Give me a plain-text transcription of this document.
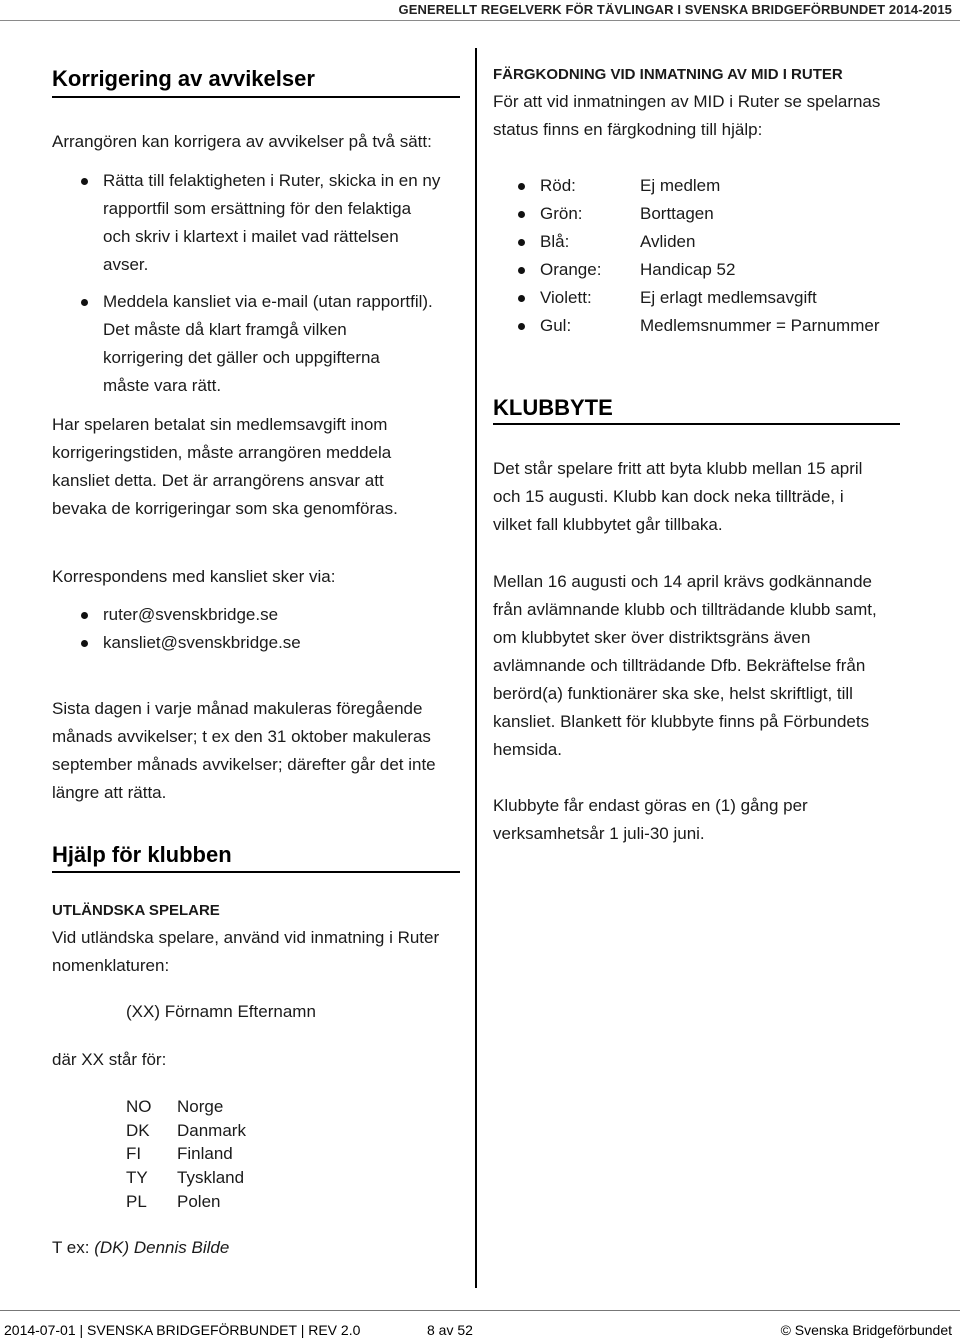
GENERELLT REGELVERK FÖR TÄVLINGAR I SVENSKA BRIDGEFÖRBUNDET 2014-2015
Korrigering av avvikelser
Arrangören kan korrigera av avvikelser på två sätt:
Rätta till felaktigheten i Ruter, skicka in en ny
rapportfil som ersättning för den felaktiga
och skriv i klartext i mailet vad rättelsen
avser.
Meddela kansliet via e-mail (utan rapportfil).
Det måste då klart framgå vilken
korrigering det gäller och uppgifterna
måste vara rätt.
Har spelaren betalat sin medlemsavgift inom
korrigeringstiden, måste arrangören meddela
kansliet detta. Det är arrangörens ansvar att
bevaka de korrigeringar som ska genomföras.
Korrespondens med kansliet sker via:
ruter@svenskbridge.se
kansliet@svenskbridge.se
Sista dagen i varje månad makuleras föregående
månads avvikelser; t ex den 31 oktober makuleras
september månads avvikelser; därefter går det inte
längre att rätta.
Hjälp för klubben
UTLÄNDSKA SPELARE
Vid utländska spelare, använd vid inmatning i Ruter
nomenklaturen:
(XX) Förnamn Efternamn
där XX står för:
NO Norge
DK Danmark
FI Finland
TY Tyskland
PL Polen
T ex: (DK) Dennis Bilde
FÄRGKODNING VID INMATNING AV MID I RUTER
För att vid inmatningen av MID i Ruter se spelarnas
status finns en färgkodning till hjälp:
Röd:	Ej medlem
Grön:	Borttagen
Blå:	Avliden
Orange: Handicap 52
Violett:	Ej erlagt medlemsavgift
Gul:	Medlemsnummer = Parnummer
KLUBBYTE
Det står spelare fritt att byta klubb mellan 15 april
och 15 augusti. Klubb kan dock neka tillträde, i
vilket fall klubbytet går tillbaka.
Mellan 16 augusti och 14 april krävs godkännande
från avlämnande klubb och tillträdande klubb samt,
om klubbytet sker över distriktsgräns även
avlämnande och tillträdande Dfb. Bekräftelse från
berörd(a) funktionärer ska ske, helst skriftligt, till
kansliet. Blankett för klubbyte finns på Förbundets
hemsida.
Klubbyte får endast göras en (1) gång per
verksamhetsår 1 juli-30 juni.
2014-07-01 | SVENSKA BRIDGEFÖRBUNDET | REV 2.0	8 av 52	© Svenska Bridgeförbundet
